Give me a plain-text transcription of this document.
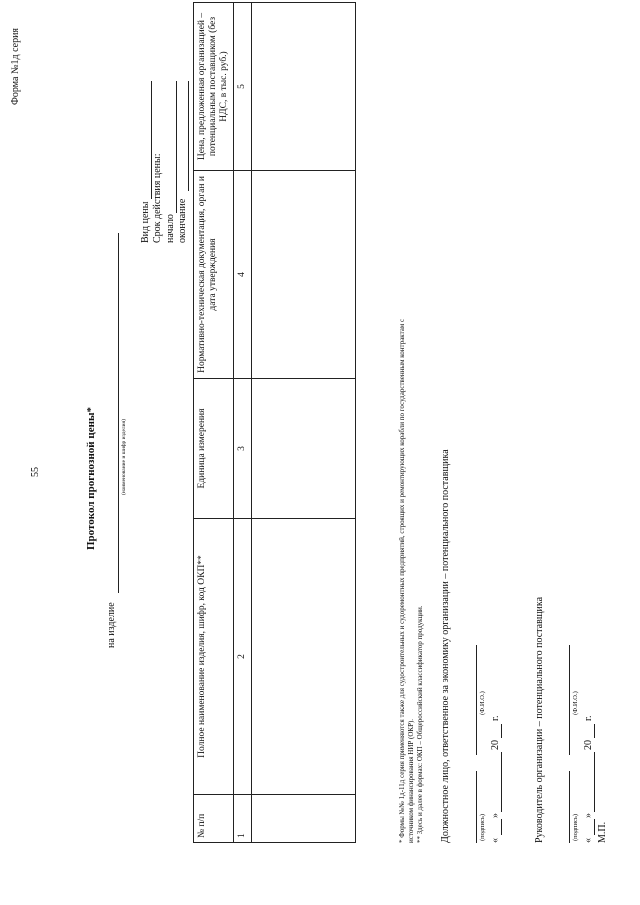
55
Форма №1д серия
Протокол прогнозной цены*
на изделие
(наименование и шифр изделия)
Вид цены Срок действия цены: начало окончание
№ п/п	Полное наименование изделия, шифр, код ОКП**	Единица измерения	Нормативно-техническая документация, орган и дата утверждения	Цена, предложенная организацией – потенциальным поставщиком (без НДС, в тыс. руб.)
1	2	3	4	5

* Формы №№ 1д-11д серия применяются также для судостроительных и судоремонтных предприятий, строящих и ремонтирующих корабли по государственным контрактам с источником финансирования НИР (ОКР). ** Здесь и далее в формах: ОКП – Общероссийский классификатор продукции. Должностное лицо, ответственное за экономику организации – потенциального поставщика	(подпись)
(Ф.И.О.)
«
»
20
г.	Руководитель организации – потенциального поставщика	(подпись)
(Ф.И.О.)
«
»
20
г.
М.П.
